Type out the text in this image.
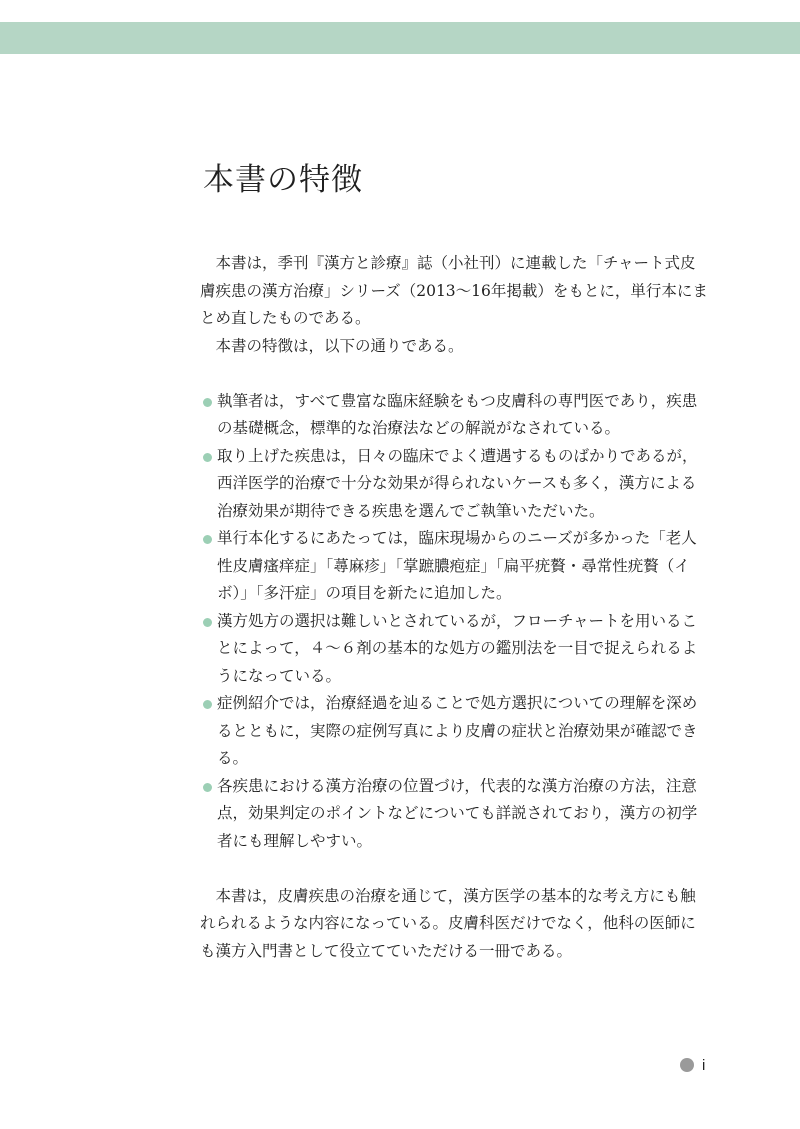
本書の特徴

本書は，季刊『漢方と診療』誌（小社刊）に連載した「チャート式皮膚疾患の漢方治療」シリーズ（2013〜16年掲載）をもとに，単行本にまとめ直したものである。

本書の特徴は，以下の通りである。

執筆者は，すべて豊富な臨床経験をもつ皮膚科の専門医であり，疾患の基礎概念，標準的な治療法などの解説がなされている。
取り上げた疾患は，日々の臨床でよく遭遇するものばかりであるが，西洋医学的治療で十分な効果が得られないケースも多く，漢方による治療効果が期待できる疾患を選んでご執筆いただいた。
単行本化するにあたっては，臨床現場からのニーズが多かった「老人性皮膚瘙痒症」「蕁麻疹」「掌蹠膿疱症」「扁平疣贅・尋常性疣贅（イボ）」「多汗症」の項目を新たに追加した。
漢方処方の選択は難しいとされているが，フローチャートを用いることによって，４〜６剤の基本的な処方の鑑別法を一目で捉えられるようになっている。
症例紹介では，治療経過を辿ることで処方選択についての理解を深めるとともに，実際の症例写真により皮膚の症状と治療効果が確認できる。
各疾患における漢方治療の位置づけ，代表的な漢方治療の方法，注意点，効果判定のポイントなどについても詳説されており，漢方の初学者にも理解しやすい。

本書は，皮膚疾患の治療を通じて，漢方医学の基本的な考え方にも触れられるような内容になっている。皮膚科医だけでなく，他科の医師にも漢方入門書として役立てていただける一冊である。

i
